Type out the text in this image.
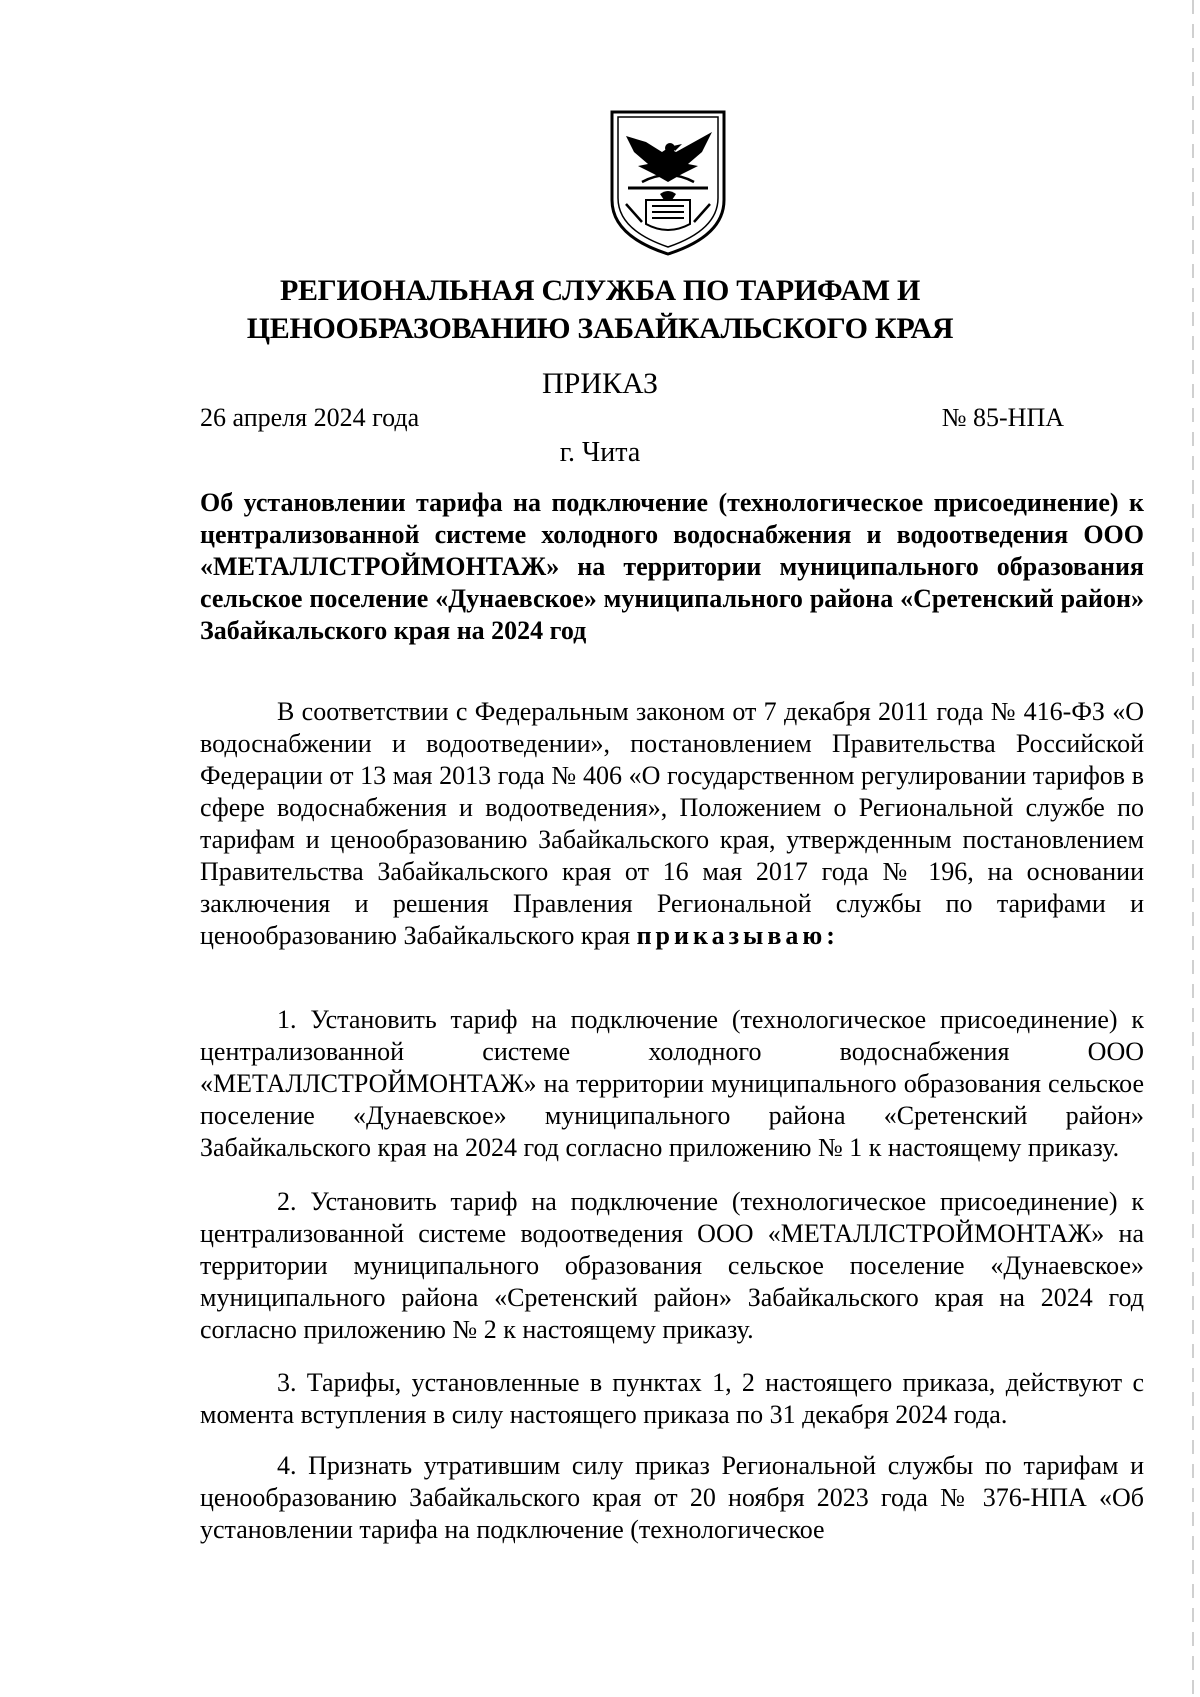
РЕГИОНАЛЬНАЯ СЛУЖБА ПО ТАРИФАМ И
ЦЕНООБРАЗОВАНИЮ ЗАБАЙКАЛЬСКОГО КРАЯ
ПРИКАЗ
26 апреля 2024 года	№ 85-НПА
г. Чита
Об установлении тарифа на подключение (технологическое присоединение) к централизованной системе холодного водоснабжения и водоотведения ООО «МЕТАЛЛСТРОЙМОНТАЖ» на территории муниципального образования сельское поселение «Дунаевское» муниципального района «Сретенский район» Забайкальского края на 2024 год
В соответствии с Федеральным законом от 7 декабря 2011 года № 416-ФЗ «О водоснабжении и водоотведении», постановлением Правительства Российской Федерации от 13 мая 2013 года № 406 «О государственном регулировании тарифов в сфере водоснабжения и водоотведения», Положением о Региональной службе по тарифам и ценообразованию Забайкальского края, утвержденным постановлением Правительства Забайкальского края от 16 мая 2017 года № 196, на основании заключения и решения Правления Региональной службы по тарифами и ценообразованию Забайкальского края приказываю:
1. Установить тариф на подключение (технологическое присоединение) к централизованной системе холодного водоснабжения ООО «МЕТАЛЛСТРОЙМОНТАЖ» на территории муниципального образования сельское поселение «Дунаевское» муниципального района «Сретенский район» Забайкальского края на 2024 год согласно приложению № 1 к настоящему приказу.
2. Установить тариф на подключение (технологическое присоединение) к централизованной системе водоотведения ООО «МЕТАЛЛСТРОЙМОНТАЖ» на территории муниципального образования сельское поселение «Дунаевское» муниципального района «Сретенский район» Забайкальского края на 2024 год согласно приложению № 2 к настоящему приказу.
3. Тарифы, установленные в пунктах 1, 2 настоящего приказа, действуют с момента вступления в силу настоящего приказа по 31 декабря 2024 года.
4. Признать утратившим силу приказ Региональной службы по тарифам и ценообразованию Забайкальского края от 20 ноября 2023 года № 376-НПА «Об установлении тарифа на подключение (технологическое
